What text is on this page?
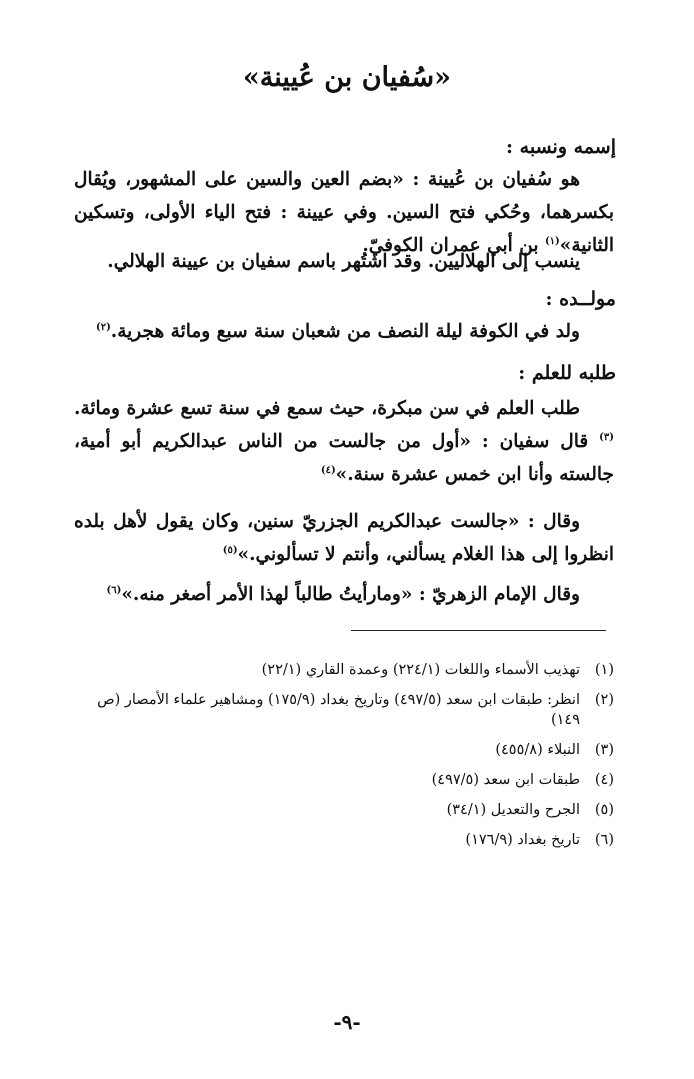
«سُفيان بن عُيينة»
إسمه ونسبه :
هو سُفيان بن عُيينة : «بضم العين والسين على المشهور، ويُقال بكسرهما، وحُكي فتح السين. وفي عيينة : فتح الياء الأولى، وتسكين الثانية»$^{(١)}$ بن أبي عمران الكوفيّ.
ينسب إلى الهلاليين. وقد اشتُهر باسم سفيان بن عيينة الهلالي.
مولــده :
ولد في الكوفة ليلة النصف من شعبان سنة سبع ومائة هجرية.$^{(٢)}$
طلبه للعلم :
طلب العلم في سن مبكرة، حيث سمع في سنة تسع عشرة ومائة.$^{(٣)}$ قال سفيان : «أول من جالست من الناس عبدالكريم أبو أمية، جالسته وأنا ابن خمس عشرة سنة.»$^{(٤)}$
وقال : «جالست عبدالكريم الجزريّ سنين، وكان يقول لأهل بلده انظروا إلى هذا الغلام يسألني، وأنتم لا تسألوني.»$^{(٥)}$
وقال الإمام الزهريّ : «ومارأيتُ طالباً لهذا الأمر أصغر منه.»$^{(٦)}$
(١)
تهذيب الأسماء واللغات (٢٢٤/١) وعمدة القاري (٢٢/١)
(٢)
انظر: طبقات ابن سعد (٤٩٧/٥) وتاريخ بغداد (١٧٥/٩) ومشاهير علماء الأمصار (ص ١٤٩)
(٣)
النبلاء (٤٥٥/٨)
(٤)
طبقات ابن سعد (٤٩٧/٥)
(٥)
الجرح والتعديل (٣٤/١)
(٦)
تاريخ بغداد (١٧٦/٩)
-٩-
